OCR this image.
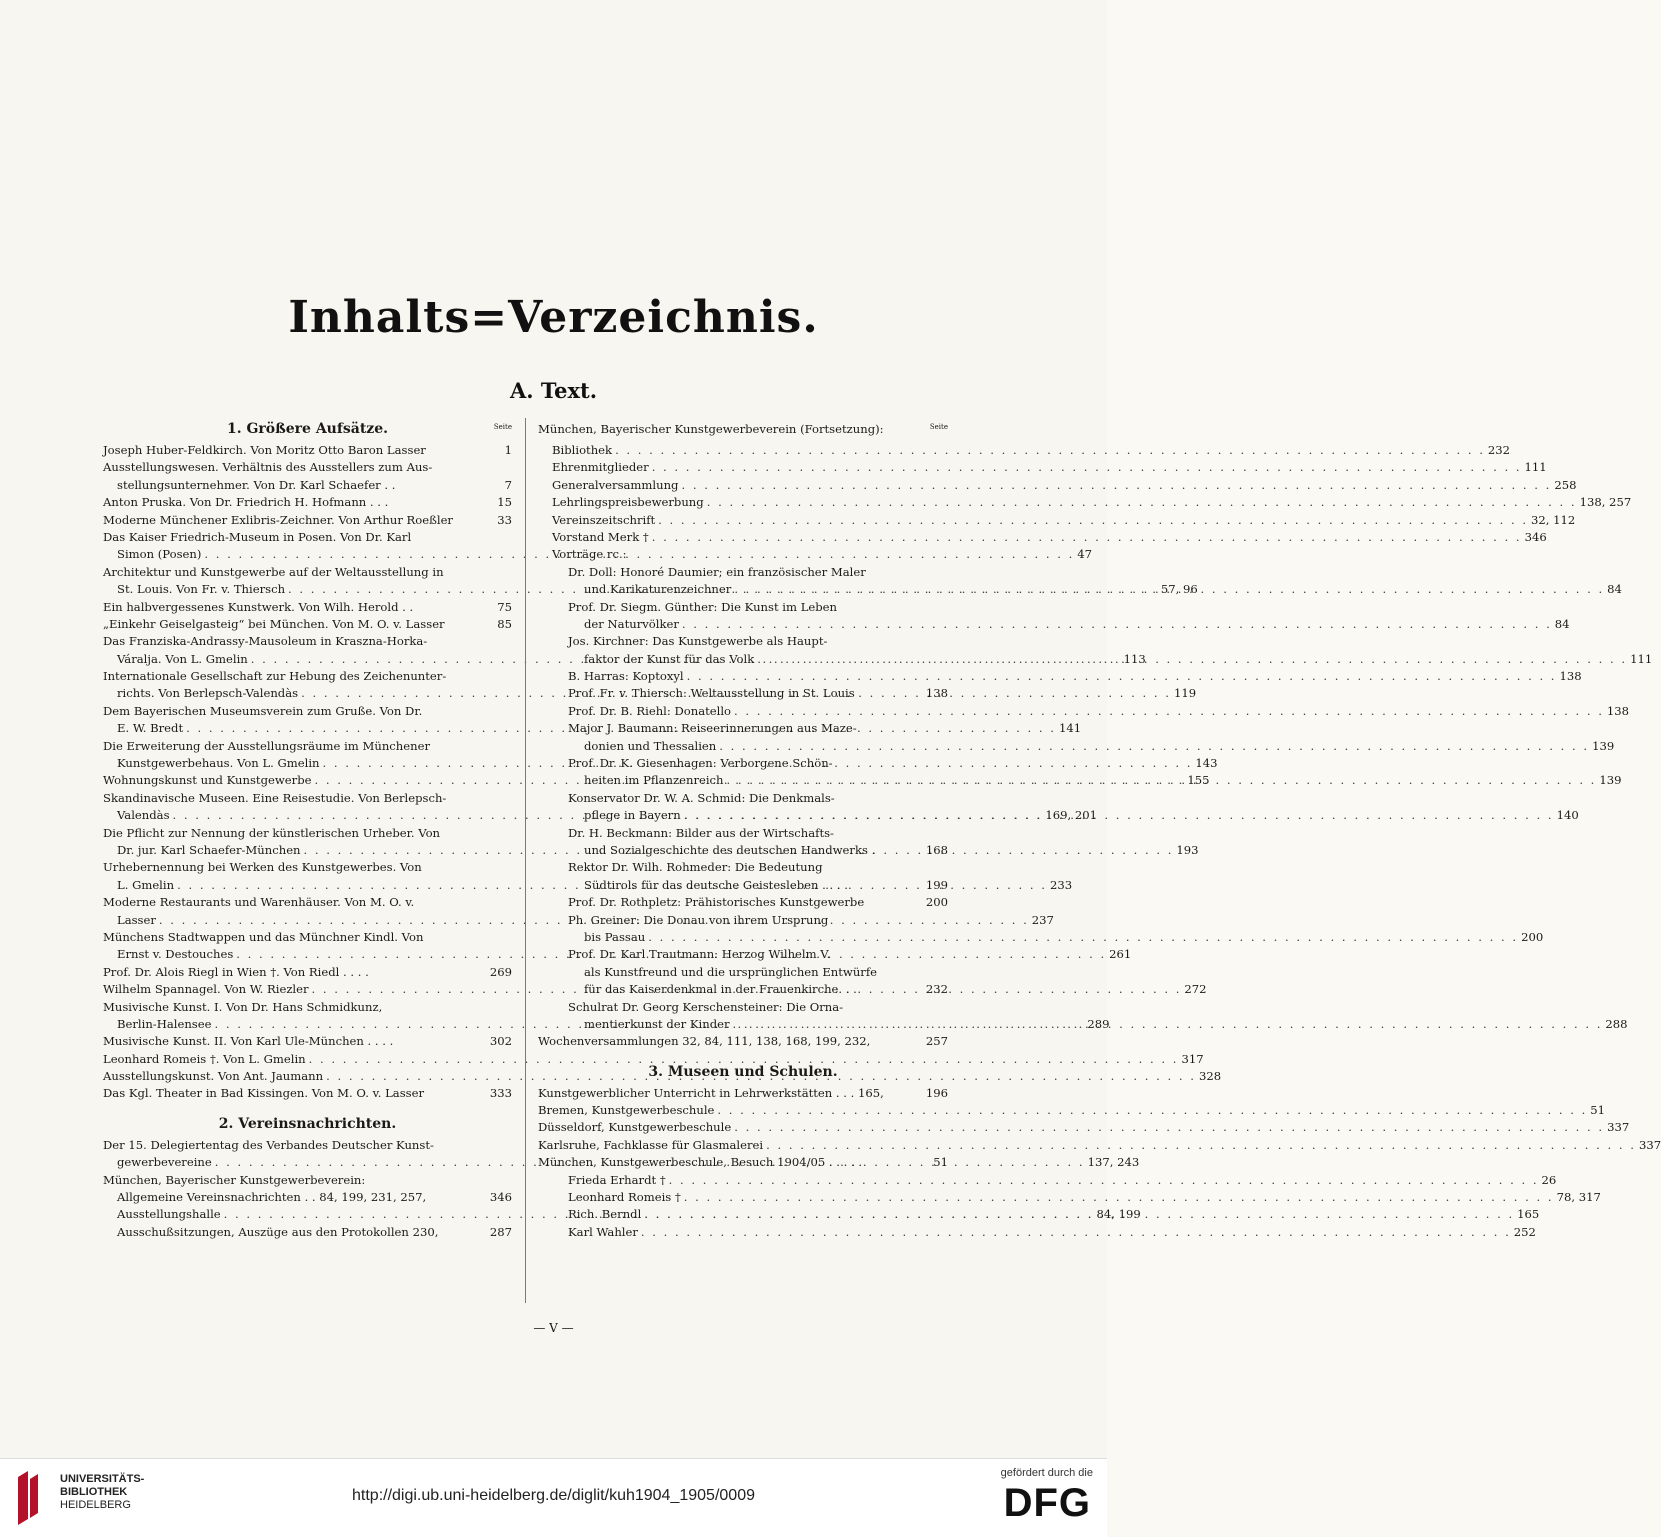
Inhalts=Verzeichnis.
A. Text.
1. Größere Aufsätze.	Seite
Joseph Huber-Feldkirch. Von Moritz Otto Baron Lasser	1
Ausstellungswesen. Verhältnis des Ausstellers zum Aus-
stellungsunternehmer. Von Dr. Karl Schaefer . .	7
Anton Pruska. Von Dr. Friedrich H. Hofmann . . .	15
Moderne Münchener Exlibris-Zeichner. Von Arthur Roeßler	33
Das Kaiser Friedrich-Museum in Posen. Von Dr. Karl
Simon (Posen) . . .	47
Architektur und Kunstgewerbe auf der Weltausstellung in
St. Louis. Von Fr. v. Thiersch . . .	57, 96
Ein halbvergessenes Kunstwerk. Von Wilh. Herold . .	75
„Einkehr Geiselgasteig“ bei München. Von M. O. v. Lasser	85
Das Franziska-Andrassy-Mausoleum in Kraszna-Horka-
Váralja. Von L. Gmelin . . .	113
Internationale Gesellschaft zur Hebung des Zeichenunter-
richts. Von Berlepsch-Valendàs . . .	119
Dem Bayerischen Museumsverein zum Gruße. Von Dr.
E. W. Bredt . . .	141
Die Erweiterung der Ausstellungsräume im Münchener
Kunstgewerbehaus. Von L. Gmelin . . .	143
Wohnungskunst und Kunstgewerbe . . .	155
Skandinavische Museen. Eine Reisestudie. Von Berlepsch-
Valendàs . . .	169, 201
Die Pflicht zur Nennung der künstlerischen Urheber. Von
Dr. jur. Karl Schaefer-München . . .	193
Urhebernennung bei Werken des Kunstgewerbes. Von
L. Gmelin . . .	233
Moderne Restaurants und Warenhäuser. Von M. O. v.
Lasser . . .	237
Münchens Stadtwappen und das Münchner Kindl. Von
Ernst v. Destouches . . .	261
Prof. Dr. Alois Riegl in Wien †. Von Riedl . . . .	269
Wilhelm Spannagel. Von W. Riezler . . .	272
Musivische Kunst. I. Von Dr. Hans Schmidkunz,
Berlin-Halensee . . .	289
Musivische Kunst. II. Von Karl Ule-München . . . .	302
Leonhard Romeis †. Von L. Gmelin . . .	317
Ausstellungskunst. Von Ant. Jaumann . . .	328
Das Kgl. Theater in Bad Kissingen. Von M. O. v. Lasser	333
2. Vereinsnachrichten.
Der 15. Delegiertentag des Verbandes Deutscher Kunst-
gewerbevereine . . .	137, 243
München, Bayerischer Kunstgewerbeverein:
Allgemeine Vereinsnachrichten . . 84, 199, 231, 257,	346
Ausstellungshalle . . .	84, 199
Ausschußsitzungen, Auszüge aus den Protokollen 230,	287
München, Bayerischer Kunstgewerbeverein (Fortsetzung):	Seite
Bibliothek . . .	232
Ehrenmitglieder . . .	111
Generalversammlung . . .	258
Lehrlingspreisbewerbung . . .	138, 257
Vereinszeitschrift . . .	32, 112
Vorstand Merk † . . .	346
Vorträge rc.:
Dr. Doll: Honoré Daumier; ein französischer Maler
und Karikaturenzeichner . . .	84
Prof. Dr. Siegm. Günther: Die Kunst im Leben
der Naturvölker . . .	84
Jos. Kirchner: Das Kunstgewerbe als Haupt-
faktor der Kunst für das Volk . . .	111
B. Harras: Koptoxyl . . .	138
Prof. Fr. v. Thiersch: Weltausstellung in St. Louis	138
Prof. Dr. B. Riehl: Donatello . . .	138
Major J. Baumann: Reiseerinnerungen aus Maze-
donien und Thessalien . . .	139
Prof. Dr. K. Giesenhagen: Verborgene Schön-
heiten im Pflanzenreich . . .	139
Konservator Dr. W. A. Schmid: Die Denkmals-
pflege in Bayern . . .	140
Dr. H. Beckmann: Bilder aus der Wirtschafts-
und Sozialgeschichte des deutschen Handwerks .	168
Rektor Dr. Wilh. Rohmeder: Die Bedeutung
Südtirols für das deutsche Geistesleben . . . .	199
Prof. Dr. Rothpletz: Prähistorisches Kunstgewerbe	200
Ph. Greiner: Die Donau von ihrem Ursprung
bis Passau . . .	200
Prof. Dr. Karl Trautmann: Herzog Wilhelm V.
als Kunstfreund und die ursprünglichen Entwürfe
für das Kaiserdenkmal in der Frauenkirche. . .	232
Schulrat Dr. Georg Kerschensteiner: Die Orna-
mentierkunst der Kinder . . .	288
Wochenversammlungen 32, 84, 111, 138, 168, 199, 232,	257
3. Museen und Schulen.
Kunstgewerblicher Unterricht in Lehrwerkstätten . . . 165,	196
Bremen, Kunstgewerbeschule . . .	51
Düsseldorf, Kunstgewerbeschule . . .	337
Karlsruhe, Fachklasse für Glasmalerei . . .	337
München, Kunstgewerbeschule, Besuch 1904/05 . . . . .	51
Frieda Erhardt † . . .	26
Leonhard Romeis † . . .	78, 317
Rich. Berndl . . .	165
Karl Wahler . . .	252
— V —
UNIVERSITÄTS-
BIBLIOTHEK
HEIDELBERG
http://digi.ub.uni-heidelberg.de/diglit/kuh1904_1905/0009
gefördert durch die
DFG
